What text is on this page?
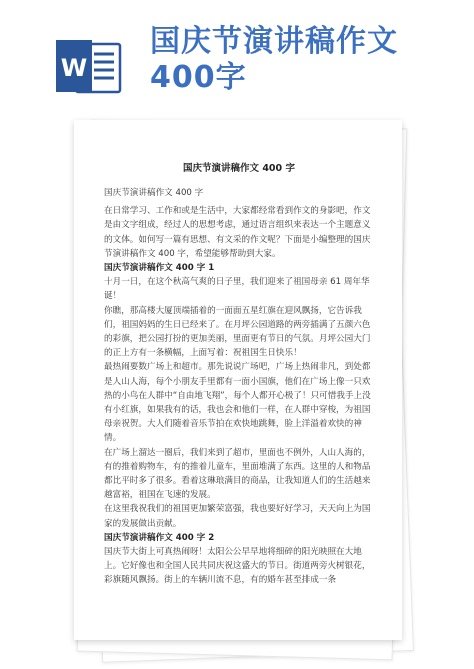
W
国庆节演讲稿作文
400字
国庆节演讲稿作文 400 字

国庆节演讲稿作文 400 字

在日常学习、工作和或是生活中，大家都经常看到作文的身影吧，作文是由文字组成，经过人的思想考虑，通过语言组织来表达一个主题意义的文体。如何写一篇有思想、有文采的作文呢？下面是小编整理的国庆节演讲稿作文 400 字，希望能够帮助到大家。

国庆节演讲稿作文 400 字 1

十月一日，在这个秋高气爽的日子里，我们迎来了祖国母亲 61 周年华诞！

你瞧，那高楼大厦顶端插着的一面面五星红旗在迎风飘扬，它告诉我们，祖国妈妈的生日已经来了。在月坪公园道路的两旁插满了五颜六色的彩旗，把公园打扮的更加美丽，里面更有节日的气氛。月坪公园大门的正上方有一条横幅，上面写着：祝祖国生日快乐！

最热闹要数广场上和超市。那先说说广场吧，广场上热闹非凡，到处都是人山人海，每个小朋友手里都有一面小国旗，他们在广场上像一只欢热的小鸟在人群中“自由地飞翔”，每个人都开心极了！只可惜我手上没有小红旗，如果我有的话，我也会和他们一样，在人群中穿梭，为祖国母亲祝贺。大人们随着音乐节拍在欢快地跳舞，脸上洋溢着欢快的神情。

在广场上溜达一圈后，我们来到了超市，里面也不例外，人山人海的，有的推着购物车，有的推着儿童车，里面堆满了东西。这里的人和物品都比平时多了很多。看着这琳琅满目的商品，让我知道人们的生活越来越富裕，祖国在飞速的发展。

在这里我祝我们的祖国更加繁荣富强，我也要好好学习，天天向上为国家的发展做出贡献。

国庆节演讲稿作文 400 字 2

国庆节大街上可真热闹呀！太阳公公早早地将细碎的阳光映照在大地上。它好像也和全国人民共同庆祝这盛大的节日。街道两旁火树银花，彩旗随风飘扬。街上的车辆川流不息，有的婚车甚至排成一条
